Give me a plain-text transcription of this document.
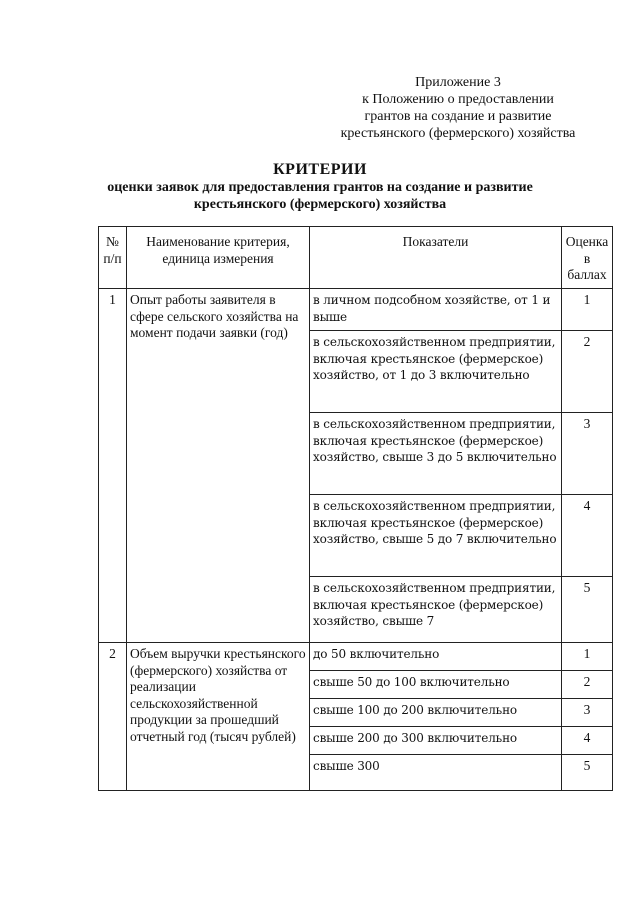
Приложение 3
к Положению о предоставлении
грантов на создание и развитие
крестьянского (фермерского) хозяйства
КРИТЕРИИ
оценки заявок для предоставления грантов на создание и развитие
крестьянского (фермерского) хозяйства
№ п/п	Наименование критерия, единица измерения	Показатели	Оценка в баллах
1	Опыт работы заявителя в сфере сельского хозяйства на момент подачи заявки (год)	в личном подсобном хозяйстве, от 1 и выше	1
		в сельскохозяйственном предприятии, включая крестьянское (фермерское) хозяйство, от 1 до 3 включительно	2
		в сельскохозяйственном предприятии, включая крестьянское (фермерское) хозяйство, свыше 3 до 5 включительно	3
		в сельскохозяйственном предприятии, включая крестьянское (фермерское) хозяйство, свыше 5 до 7 включительно	4
		в сельскохозяйственном предприятии, включая крестьянское (фермерское) хозяйство, свыше 7	5
2	Объем выручки крестьянского (фермерского) хозяйства от реализации сельскохозяйственной продукции за прошедший отчетный год (тысяч рублей)	до 50 включительно	1
		свыше 50 до 100 включительно	2
		свыше 100 до 200 включительно	3
		свыше 200 до 300 включительно	4
		свыше 300	5
